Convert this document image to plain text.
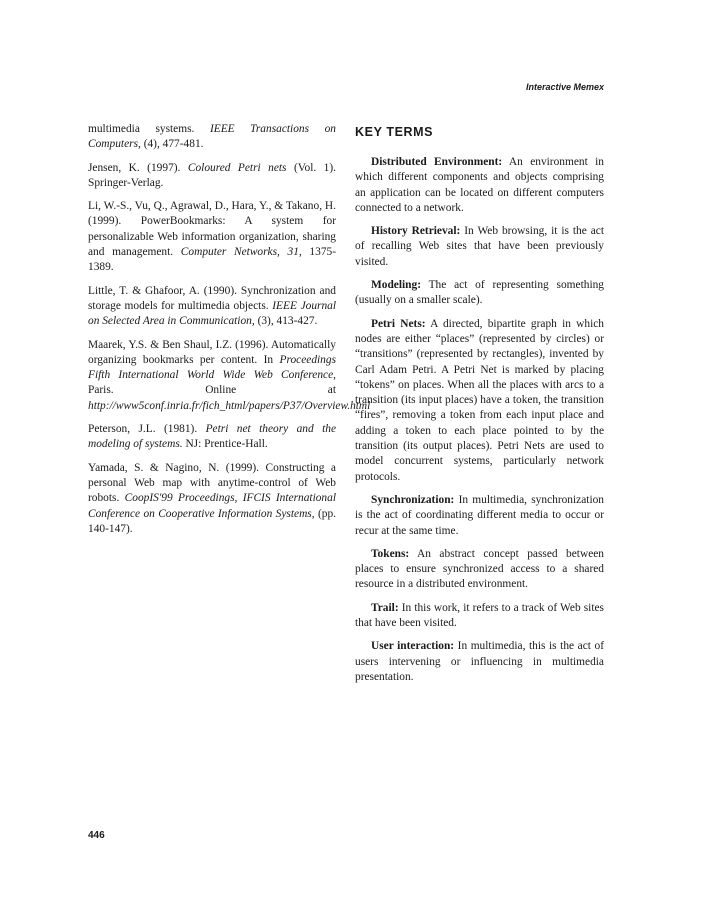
Interactive Memex

multimedia systems. IEEE Transactions on Computers, (4), 477-481.

Jensen, K. (1997). Coloured Petri nets (Vol. 1). Springer-Verlag.

Li, W.-S., Vu, Q., Agrawal, D., Hara, Y., & Takano, H. (1999). PowerBookmarks: A system for personalizable Web information organization, sharing and management. Computer Networks, 31, 1375-1389.

Little, T. & Ghafoor, A. (1990). Synchronization and storage models for multimedia objects. IEEE Journal on Selected Area in Communication, (3), 413-427.

Maarek, Y.S. & Ben Shaul, I.Z. (1996). Automatically organizing bookmarks per content. In Proceedings Fifth International World Wide Web Conference, Paris. Online at http://www5conf.inria.fr/fich_html/papers/P37/Overview.html

Peterson, J.L. (1981). Petri net theory and the modeling of systems. NJ: Prentice-Hall.

Yamada, S. & Nagino, N. (1999). Constructing a personal Web map with anytime-control of Web robots. CoopIS'99 Proceedings, IFCIS International Conference on Cooperative Information Systems, (pp. 140-147).

KEY TERMS

Distributed Environment: An environment in which different components and objects comprising an application can be located on different computers connected to a network.

History Retrieval: In Web browsing, it is the act of recalling Web sites that have been previously visited.

Modeling: The act of representing something (usually on a smaller scale).

Petri Nets: A directed, bipartite graph in which nodes are either “places” (represented by circles) or “transitions” (represented by rectangles), invented by Carl Adam Petri. A Petri Net is marked by placing “tokens” on places. When all the places with arcs to a transition (its input places) have a token, the transition “fires”, removing a token from each input place and adding a token to each place pointed to by the transition (its output places). Petri Nets are used to model concurrent systems, particularly network protocols.

Synchronization: In multimedia, synchronization is the act of coordinating different media to occur or recur at the same time.

Tokens: An abstract concept passed between places to ensure synchronized access to a shared resource in a distributed environment.

Trail: In this work, it refers to a track of Web sites that have been visited.

User interaction: In multimedia, this is the act of users intervening or influencing in multimedia presentation.

446
